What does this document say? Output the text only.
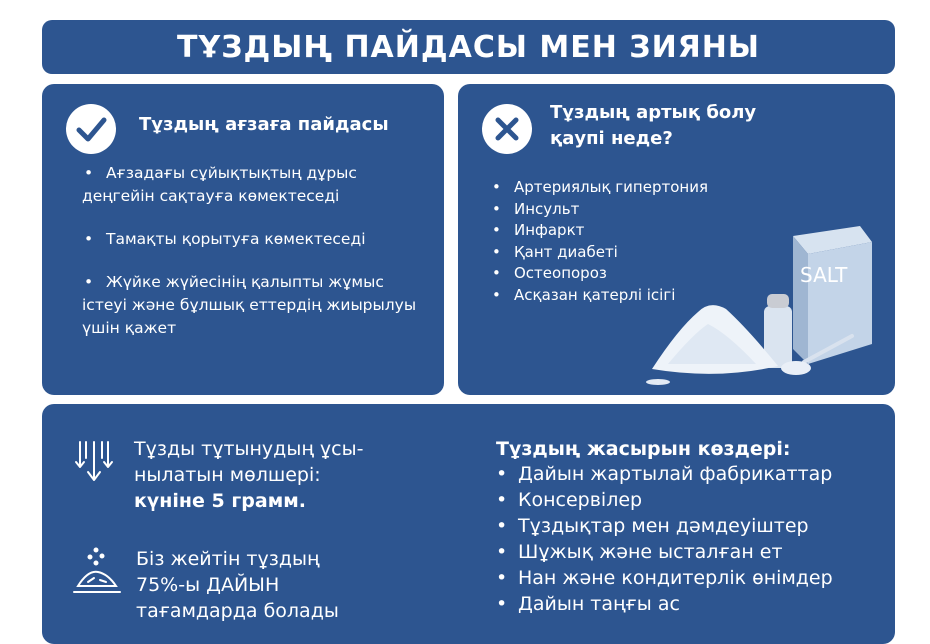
ТҰЗДЫҢ ПАЙДАСЫ МЕН ЗИЯНЫ
Тұздың ағзаға пайдасы
• Ағзадағы сұйықтықтың дұрыс
деңгейін сақтауға көмектеседі
• Тамақты қорытуға көмектеседі
• Жүйке жүйесінің қалыпты жұмыс
істеуі және бұлшық еттердің жиырылуы
үшін қажет
Тұздың артық болу
қаупі неде?
• Артериялық гипертония
• Инсульт
• Инфаркт
• Қант диабеті
• Остеопороз
• Асқазан қатерлі ісігі
SALT
Тұзды тұтынудың ұсы-
нылатын мөлшері:
күніне 5 грамм.
Біз жейтін тұздың
75%-ы ДАЙЫН
тағамдарда болады
Тұздың жасырын көздері:
• Дайын жартылай фабрикаттар
• Консервілер
• Тұздықтар мен дәмдеуіштер
• Шұжық және ысталған ет
• Нан және кондитерлік өнімдер
• Дайын таңғы ас
